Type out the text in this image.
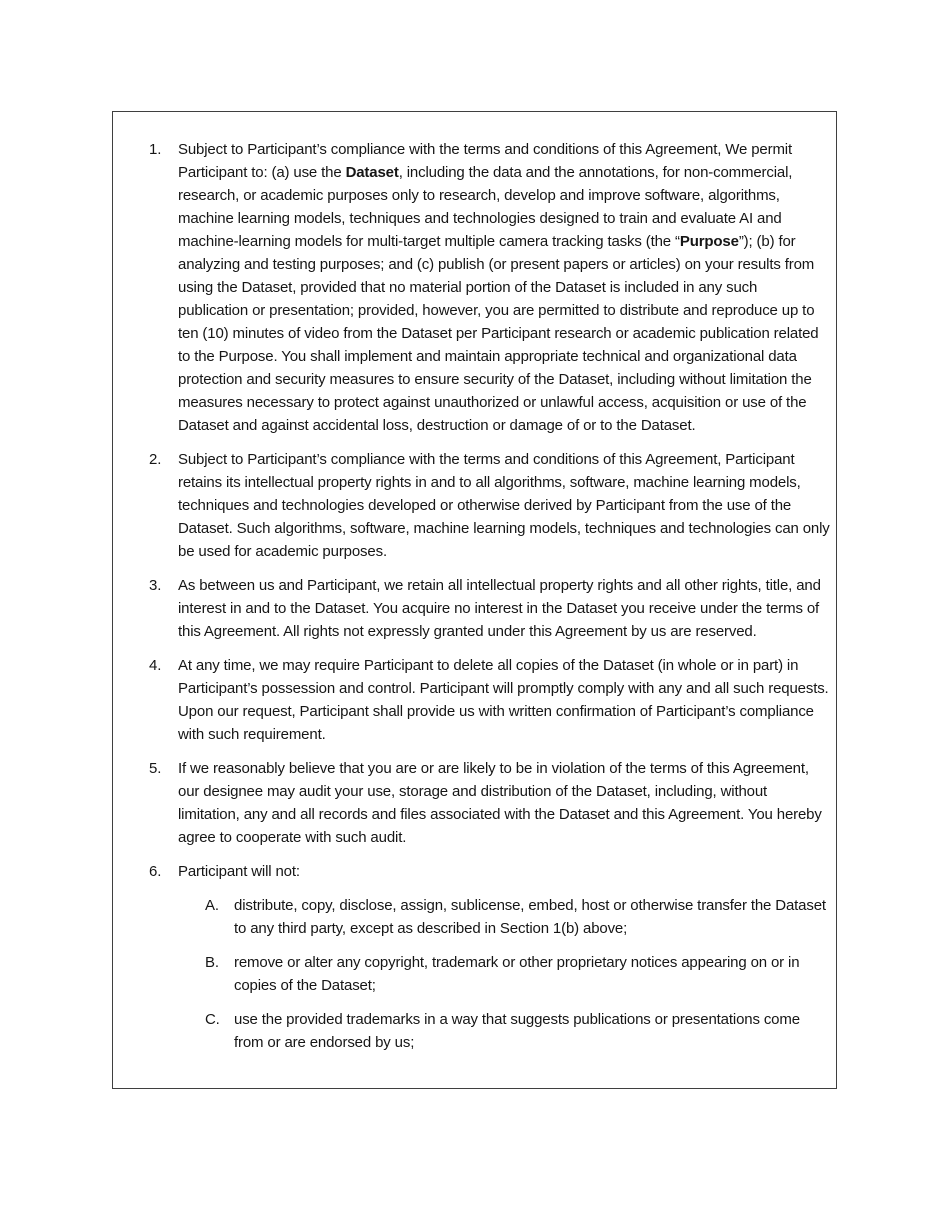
1.	Subject to Participant’s compliance with the terms and conditions of this Agreement, We permit Participant to: (a) use the Dataset, including the data and the annotations, for non-commercial, research, or academic purposes only to research, develop and improve software, algorithms, machine learning models, techniques and technologies designed to train and evaluate AI and machine-learning models for multi-target multiple camera tracking tasks (the “Purpose”); (b) for analyzing and testing purposes; and (c) publish (or present papers or articles) on your results from using the Dataset, provided that no material portion of the Dataset is included in any such publication or presentation; provided, however, you are permitted to distribute and reproduce up to ten (10) minutes of video from the Dataset per Participant research or academic publication related to the Purpose. You shall implement and maintain appropriate technical and organizational data protection and security measures to ensure security of the Dataset, including without limitation the measures necessary to protect against unauthorized or unlawful access, acquisition or use of the Dataset and against accidental loss, destruction or damage of or to the Dataset.
2.	Subject to Participant’s compliance with the terms and conditions of this Agreement, Participant retains its intellectual property rights in and to all algorithms, software, machine learning models, techniques and technologies developed or otherwise derived by Participant from the use of the Dataset. Such algorithms, software, machine learning models, techniques and technologies can only be used for academic purposes.
3.	As between us and Participant, we retain all intellectual property rights and all other rights, title, and interest in and to the Dataset. You acquire no interest in the Dataset you receive under the terms of this Agreement. All rights not expressly granted under this Agreement by us are reserved.
4.	At any time, we may require Participant to delete all copies of the Dataset (in whole or in part) in Participant’s possession and control. Participant will promptly comply with any and all such requests. Upon our request, Participant shall provide us with written confirmation of Participant’s compliance with such requirement.
5.	If we reasonably believe that you are or are likely to be in violation of the terms of this Agreement, our designee may audit your use, storage and distribution of the Dataset, including, without limitation, any and all records and files associated with the Dataset and this Agreement. You hereby agree to cooperate with such audit.
6.	Participant will not:
A.	distribute, copy, disclose, assign, sublicense, embed, host or otherwise transfer the Dataset to any third party, except as described in Section 1(b) above;
B.	remove or alter any copyright, trademark or other proprietary notices appearing on or in copies of the Dataset;
C. use the provided trademarks in a way that suggests publications or presentations come from or are endorsed by us;
